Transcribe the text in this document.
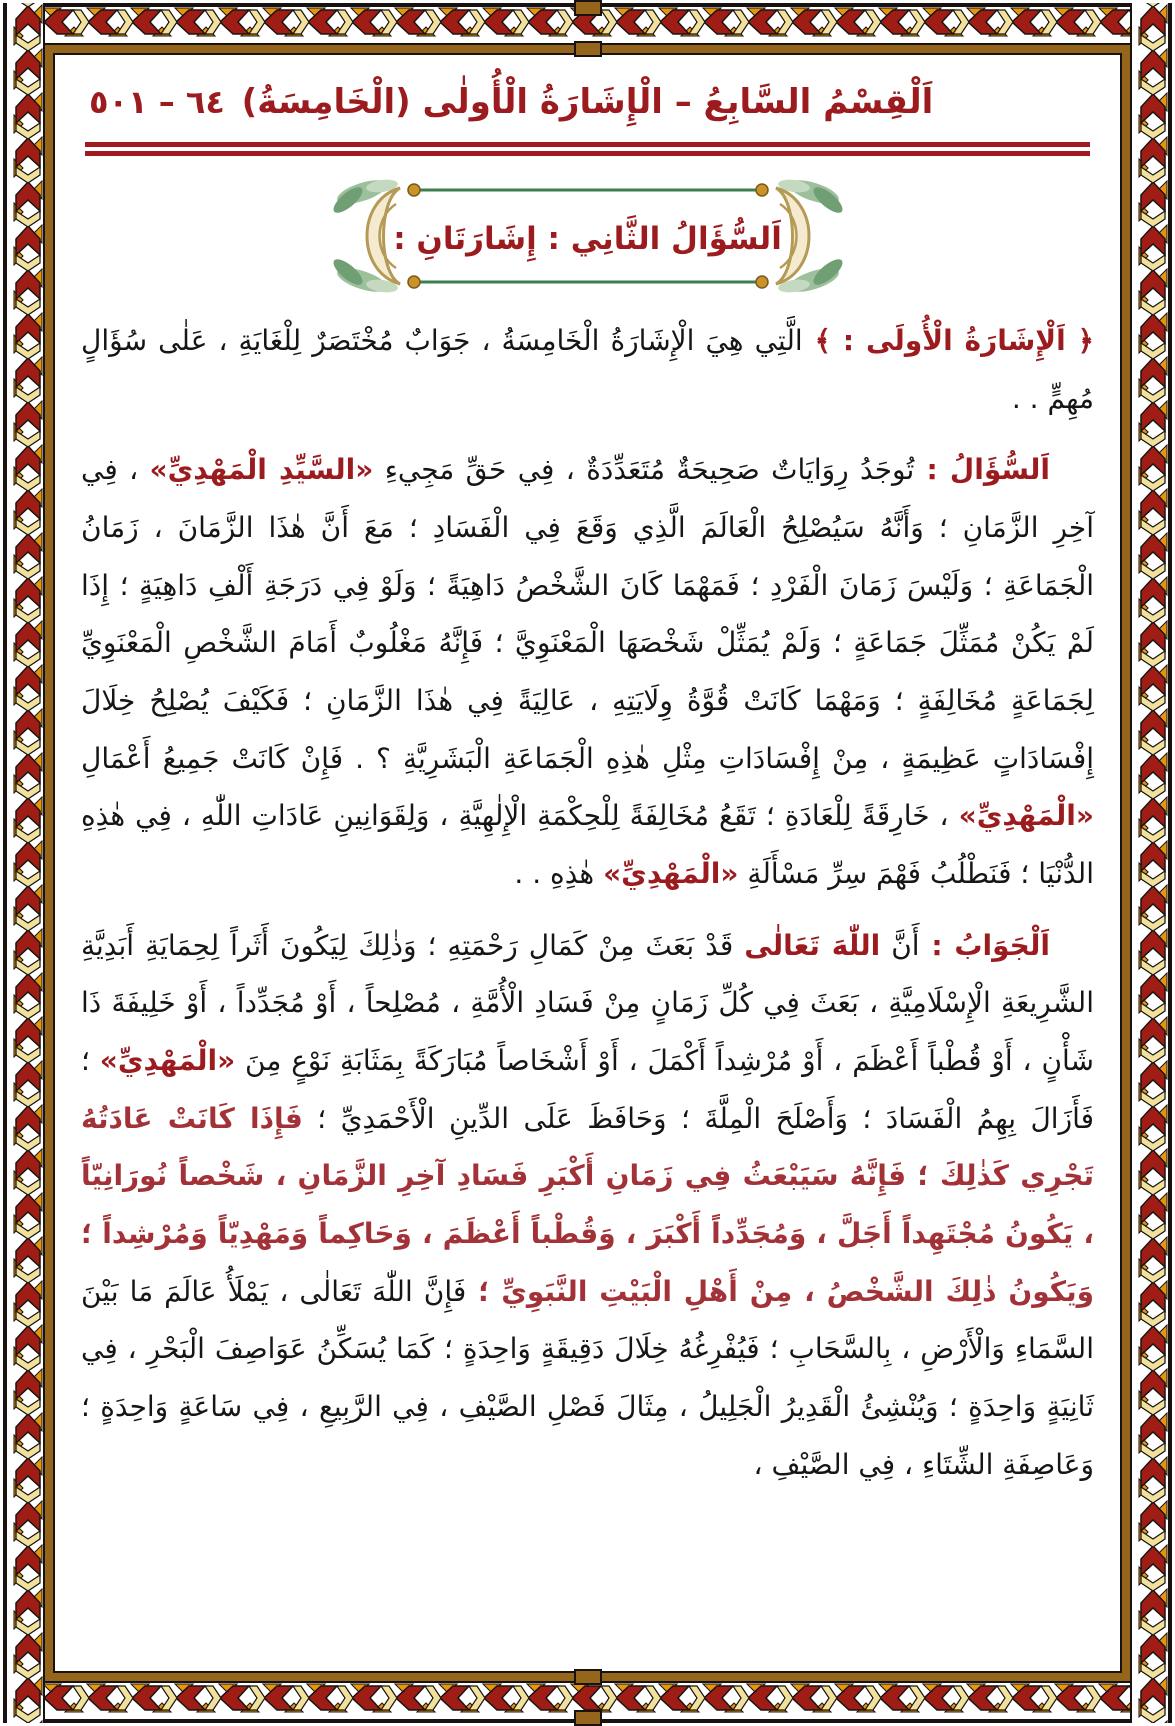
اَلْقِسْمُ السَّابِعُ – الْإِشَارَةُ الْأُولٰى (الْخَامِسَةُ)
٦٤ – ٥٠١
اَلسُّؤَالُ الثَّانِي : إِشَارَتَانِ :

﴿ اَلْإِشَارَةُ الْأُولَى : ﴾ الَّتِي هِيَ الْإِشَارَةُ الْخَامِسَةُ ، جَوَابٌ مُخْتَصَرٌ لِلْغَايَةِ ، عَلٰى سُؤَالٍ مُهِمٍّ . .

اَلسُّؤَالُ : تُوجَدُ رِوَايَاتٌ صَحِيحَةٌ مُتَعَدِّدَةٌ ، فِي حَقِّ مَجِيءِ «السَّيِّدِ الْمَهْدِيِّ» ، فِي آخِرِ الزَّمَانِ ؛ وَأَنَّهُ سَيُصْلِحُ الْعَالَمَ الَّذِي وَقَعَ فِي الْفَسَادِ ؛ مَعَ أَنَّ هٰذَا الزَّمَانَ ، زَمَانُ الْجَمَاعَةِ ؛ وَلَيْسَ زَمَانَ الْفَرْدِ ؛ فَمَهْمَا كَانَ الشَّخْصُ دَاهِيَةً ؛ وَلَوْ فِي دَرَجَةِ أَلْفِ دَاهِيَةٍ ؛ إِذَا لَمْ يَكُنْ مُمَثِّلَ جَمَاعَةٍ ؛ وَلَمْ يُمَثِّلْ شَخْصَهَا الْمَعْنَوِيَّ ؛ فَإِنَّهُ مَغْلُوبٌ أَمَامَ الشَّخْصِ الْمَعْنَوِيِّ لِجَمَاعَةٍ مُخَالِفَةٍ ؛ وَمَهْمَا كَانَتْ قُوَّةُ وِلَايَتِهِ ، عَالِيَةً فِي هٰذَا الزَّمَانِ ؛ فَكَيْفَ يُصْلِحُ خِلَالَ إِفْسَادَاتٍ عَظِيمَةٍ ، مِنْ إِفْسَادَاتِ مِثْلِ هٰذِهِ الْجَمَاعَةِ الْبَشَرِيَّةِ ؟ . فَإِنْ كَانَتْ جَمِيعُ أَعْمَالِ «الْمَهْدِيِّ» ، خَارِقَةً لِلْعَادَةِ ؛ تَقَعُ مُخَالِفَةً لِلْحِكْمَةِ الْإِلٰهِيَّةِ ، وَلِقَوَانِينِ عَادَاتِ اللّٰهِ ، فِي هٰذِهِ الدُّنْيَا ؛ فَنَطْلُبُ فَهْمَ سِرِّ مَسْأَلَةِ «الْمَهْدِيِّ» هٰذِهِ . .

اَلْجَوَابُ : أَنَّ اللّٰهَ تَعَالٰى قَدْ بَعَثَ مِنْ كَمَالِ رَحْمَتِهِ ؛ وَذٰلِكَ لِيَكُونَ أَثَراً لِحِمَايَةِ أَبَدِيَّةِ الشَّرِيعَةِ الْإِسْلَامِيَّةِ ، بَعَثَ فِي كُلِّ زَمَانٍ مِنْ فَسَادِ الْأُمَّةِ ، مُصْلِحاً ، أَوْ مُجَدِّداً ، أَوْ خَلِيفَةَ ذَا شَأْنٍ ، أَوْ قُطْباً أَعْظَمَ ، أَوْ مُرْشِداً أَكْمَلَ ، أَوْ أَشْخَاصاً مُبَارَكَةً بِمَثَابَةِ نَوْعٍ مِنَ «الْمَهْدِيِّ» ؛ فَأَزَالَ بِهِمُ الْفَسَادَ ؛ وَأَصْلَحَ الْمِلَّةَ ؛ وَحَافَظَ عَلَى الدِّينِ الْأَحْمَدِيِّ ؛ فَإِذَا كَانَتْ عَادَتُهُ تَجْرِي كَذٰلِكَ ؛ فَإِنَّهُ سَيَبْعَثُ فِي زَمَانِ أَكْبَرِ فَسَادِ آخِرِ الزَّمَانِ ، شَخْصاً نُورَانِيّاً ، يَكُونُ مُجْتَهِداً أَجَلَّ ، وَمُجَدِّداً أَكْبَرَ ، وَقُطْباً أَعْظَمَ ، وَحَاكِماً وَمَهْدِيّاً وَمُرْشِداً ؛ وَيَكُونُ ذٰلِكَ الشَّخْصُ ، مِنْ أَهْلِ الْبَيْتِ النَّبَوِيِّ ؛ فَإِنَّ اللّٰهَ تَعَالٰى ، يَمْلَأُ عَالَمَ مَا بَيْنَ السَّمَاءِ وَالْأَرْضِ ، بِالسَّحَابِ ؛ فَيُفْرِغُهُ خِلَالَ دَقِيقَةٍ وَاحِدَةٍ ؛ كَمَا يُسَكِّنُ عَوَاصِفَ الْبَحْرِ ، فِي ثَانِيَةٍ وَاحِدَةٍ ؛ وَيُنْشِئُ الْقَدِيرُ الْجَلِيلُ ، مِثَالَ فَصْلِ الصَّيْفِ ، فِي الرَّبِيعِ ، فِي سَاعَةٍ وَاحِدَةٍ ؛ وَعَاصِفَةِ الشِّتَاءِ ، فِي الصَّيْفِ ،
